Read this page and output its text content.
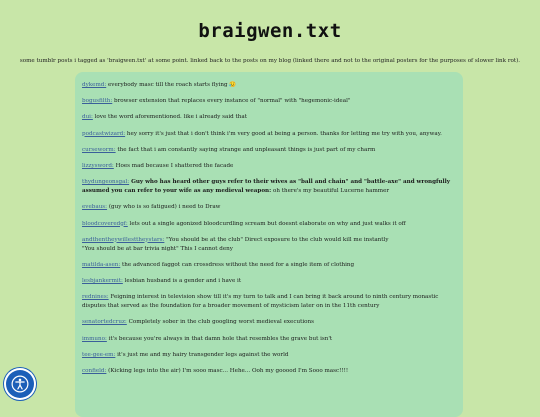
braigwen.txt

some tumblr posts i tagged as 'braigwen.txt' at some point. linked back to the posts on my blog (linked there and not to the original posters for the purposes of slower link rot).

dykemd: everybody masc till the roach starts flying 😥

bogusfilth: browser extension that replaces every instance of "normal" with "hegemonic-ideal"

dui: love the word aforementioned. like i already said that

podcastwizard: hey sorry it's just that i don't think i'm very good at being a person. thanks for letting me try with you, anyway.

curseworm: the fact that i am constantly saying strange and unpleasant things is just part of my charm

lizzysword: Hoes mad because I shattered the facade

thydungeonsgal: Guy who has heard other guys refer to their wives as "ball and chain" and "battle-axe" and wrongfully assumed you can refer to your wife as any medieval weapon: oh there's my beautiful Lucerne hammer

evebaus: (guy who is so fatigued) i need to Draw

bloodcoveredgf: lets out a single agonized bloodcurdling scream but doesnt elaborate on why and just walks it off

andthentheywillesttheystars: "You should be at the club" Direct exposure to the club would kill me instantly
"You should be at bar trivia night" This I cannot deny

matilda-asen: the advanced faggot can crossdress without the need for a single item of clothing

lesbjankermit: lesbian husband is a gender and i have it

rednines: Feigning interest in television show till it's my turn to talk and I can bring it back around to ninth century monastic disputes that served as the foundation for a broader movement of mysticism later on in the 11th century

senatortedcruz: Completely sober in the club googling worst medieval executions

immuno: it's because you're always in that damn hole that resembles the grave but isn't

tee-gee-em: it's just me and my hairy transgender legs against the world

confield: (Kicking legs into the air) I'm sooo masc... Hehe... Ooh my gooood I'm Sooo masc!!!!
